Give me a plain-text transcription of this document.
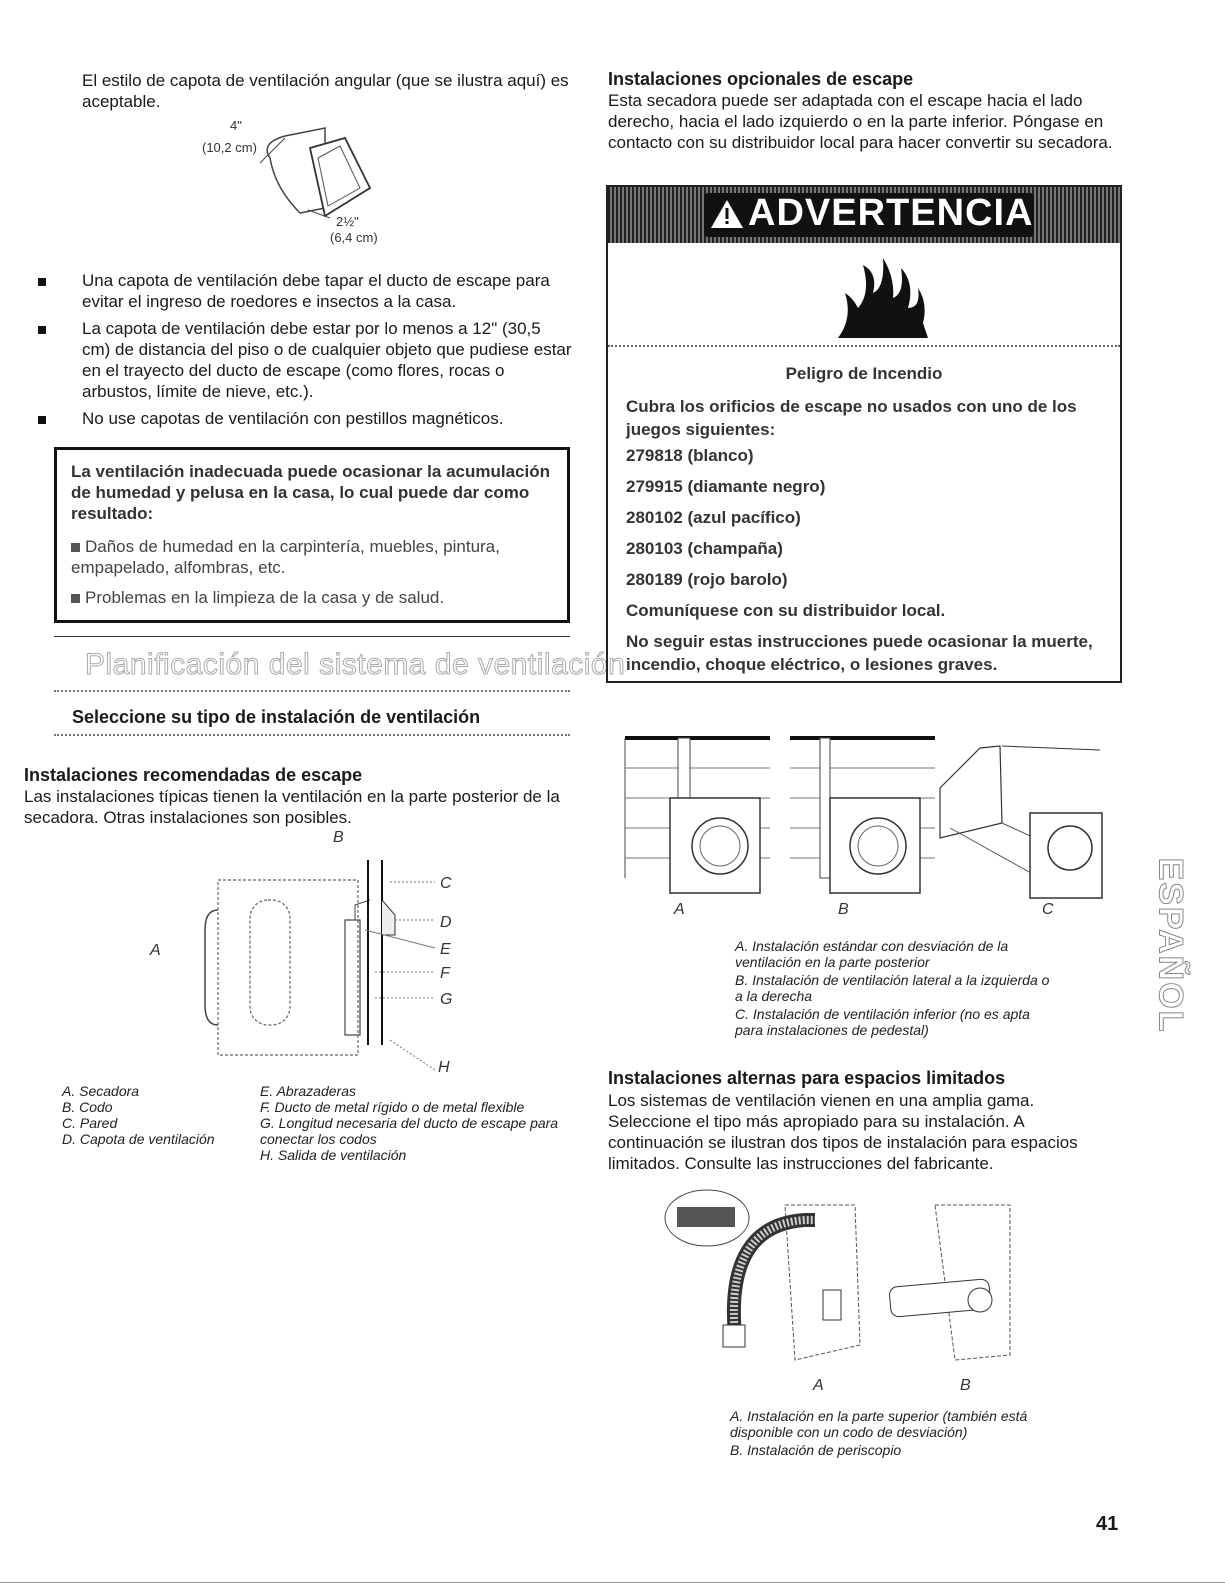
El estilo de capota de ventilación angular (que se ilustra aquí) es aceptable.
4"
(10,2 cm)
2½"
(6,4 cm)
Una capota de ventilación debe tapar el ducto de escape para evitar el ingreso de roedores e insectos a la casa.
La capota de ventilación debe estar por lo menos a 12" (30,5 cm) de distancia del piso o de cualquier objeto que pudiese estar en el trayecto del ducto de escape (como flores, rocas o arbustos, límite de nieve, etc.).
No use capotas de ventilación con pestillos magnéticos.
La ventilación inadecuada puede ocasionar la acumulación de humedad y pelusa en la casa, lo cual puede dar como resultado:
Daños de humedad en la carpintería, muebles, pintura, empapelado, alfombras, etc.
Problemas en la limpieza de la casa y de salud.
Planificación del sistema de ventilación
Seleccione su tipo de instalación de ventilación
Instalaciones recomendadas de escape
Las instalaciones típicas tienen la ventilación en la parte posterior de la secadora. Otras instalaciones son posibles.
A
B
C
D
E
F
G
H
A. Secadora
B. Codo
C. Pared
D. Capota de ventilación
E. Abrazaderas
F. Ducto de metal rígido o de metal flexible
G. Longitud necesaria del ducto de escape para conectar los codos
H. Salida de ventilación
Instalaciones opcionales de escape
Esta secadora puede ser adaptada con el escape hacia el lado derecho, hacia el lado izquierdo o en la parte inferior. Póngase en contacto con su distribuidor local para hacer convertir su secadora.
ADVERTENCIA
Peligro de Incendio
Cubra los orificios de escape no usados con uno de los juegos siguientes:
279818 (blanco)
279915 (diamante negro)
280102 (azul pacífico)
280103 (champaña)
280189 (rojo barolo)
Comuníquese con su distribuidor local.
No seguir estas instrucciones puede ocasionar la muerte, incendio, choque eléctrico, o lesiones graves.
A	B	C
A. Instalación estándar con desviación de la ventilación en la parte posterior
B. Instalación de ventilación lateral a la izquierda o a la derecha
C. Instalación de ventilación inferior (no es apta para instalaciones de pedestal)
Instalaciones alternas para espacios limitados
Los sistemas de ventilación vienen en una amplia gama. Seleccione el tipo más apropiado para su instalación. A continuación se ilustran dos tipos de instalación para espacios limitados. Consulte las instrucciones del fabricante.
A	B
A. Instalación en la parte superior (también está disponible con un codo de desviación)
B. Instalación de periscopio
ESPAÑOL
41
